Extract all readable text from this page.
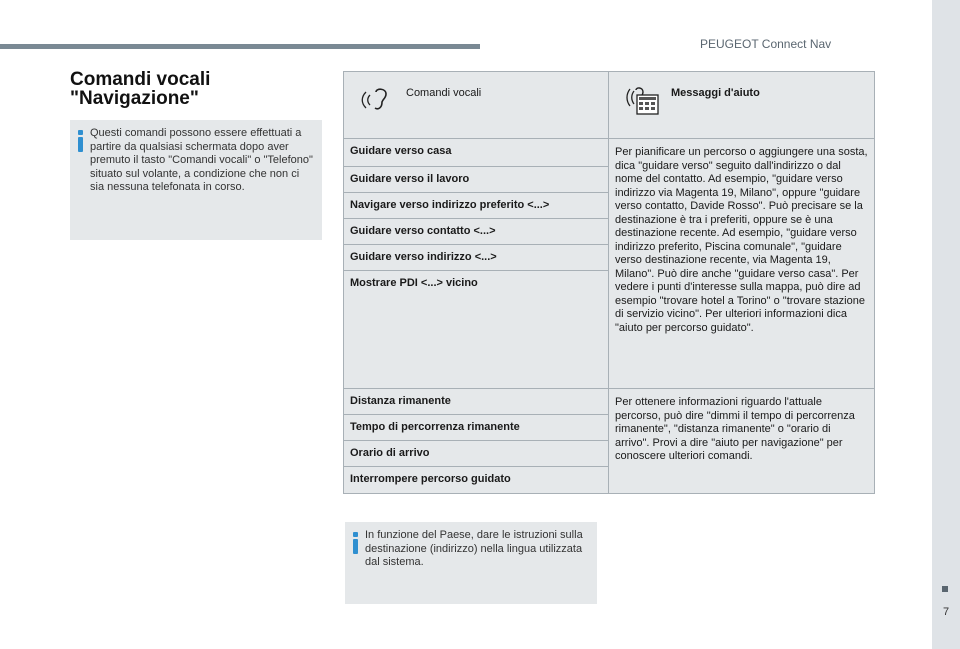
PEUGEOT Connect Nav
7
Comandi vocali "Navigazione"
Questi comandi possono essere effettuati a partire da qualsiasi schermata dopo aver premuto il tasto "Comandi vocali" o "Telefono" situato sul volante, a condizione che non ci sia nessuna telefonata in corso.
Comandi vocali	Messaggi d'aiuto

Guidare verso casa	Per pianificare un percorso o aggiungere una sosta, dica "guidare verso" seguito dall'indirizzo o dal nome del contatto. Ad esempio, "guidare verso indirizzo via Magenta 19, Milano", oppure "guidare verso contatto, Davide Rosso". Può precisare se la destinazione è tra i preferiti, oppure se è una destinazione recente. Ad esempio, "guidare verso indirizzo preferito, Piscina comunale", "guidare verso destinazione recente, via Magenta 19, Milano". Può dire anche "guidare verso casa". Per vedere i punti d'interesse sulla mappa, può dire ad esempio "trovare hotel a Torino" o "trovare stazione di servizio vicino". Per ulteriori informazioni dica "aiuto per percorso guidato".
Guidare verso il lavoro	
Navigare verso indirizzo preferito <...>	
Guidare verso contatto <...>	
Guidare verso indirizzo <...>	
Mostrare PDI <...> vicino	
Distanza rimanente	Per ottenere informazioni riguardo l'attuale percorso, può dire "dimmi il tempo di percorrenza rimanente", "distanza rimanente" o "orario di arrivo". Provi a dire "aiuto per navigazione" per conoscere ulteriori comandi.
Tempo di percorrenza rimanente	
Orario di arrivo	
Interrompere percorso guidato	
In funzione del Paese, dare le istruzioni sulla destinazione (indirizzo) nella lingua utilizzata dal sistema.
